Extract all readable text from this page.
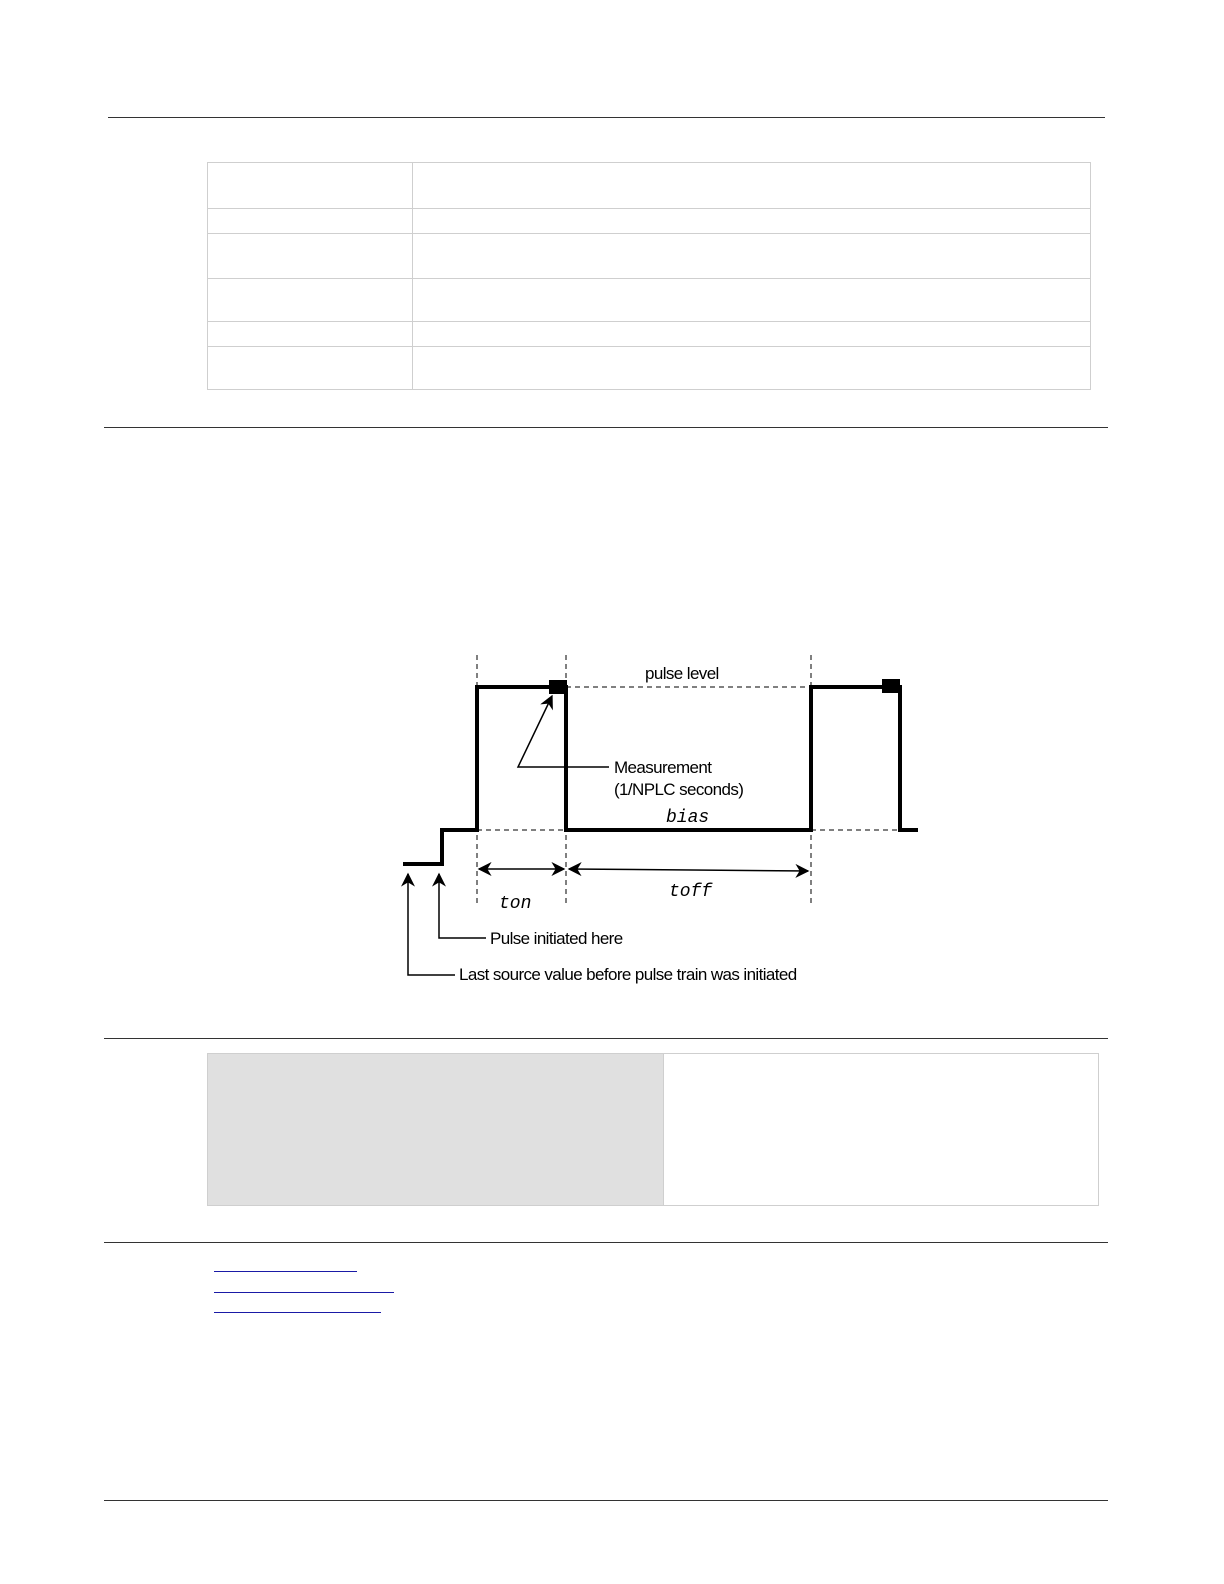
pulse level
Measurement
(1/NPLC seconds)
bias
ton
toff
Pulse initiated here
Last source value before pulse train was initiated
